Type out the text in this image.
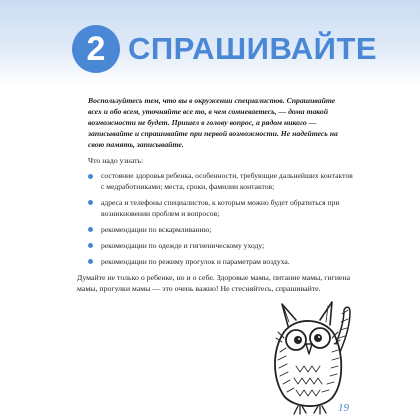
2 СПРАШИВАЙТЕ

Воспользуйтесь тем, что вы в окружении специалистов. Спрашивайте всех и обо всем, уточняйте все то, в чем сомневаетесь, — дома такой возможности не будет. Пришел в голову вопрос, а рядом никого — записывайте и спрашивайте при первой возможности. Не надейтесь на свою память, записывайте.

Что надо узнать:

состояние здоровья ребенка, особенности, требующие дальнейших контактов с медработниками; места, сроки, фамилии контактов;
адреса и телефоны специалистов, к которым можно будет обратиться при возникновении проблем и вопросов;
рекомендации по вскармливанию;
рекомендации по одежде и гигиеническому уходу;
рекомендации по режиму прогулок и параметрам воздуха.

Думайте не только о ребенке, но и о себе. Здоровые мамы, питание мамы, гигиена мамы, прогулки мамы — это очень важно! Не стесняйтесь, спрашивайте.

19
